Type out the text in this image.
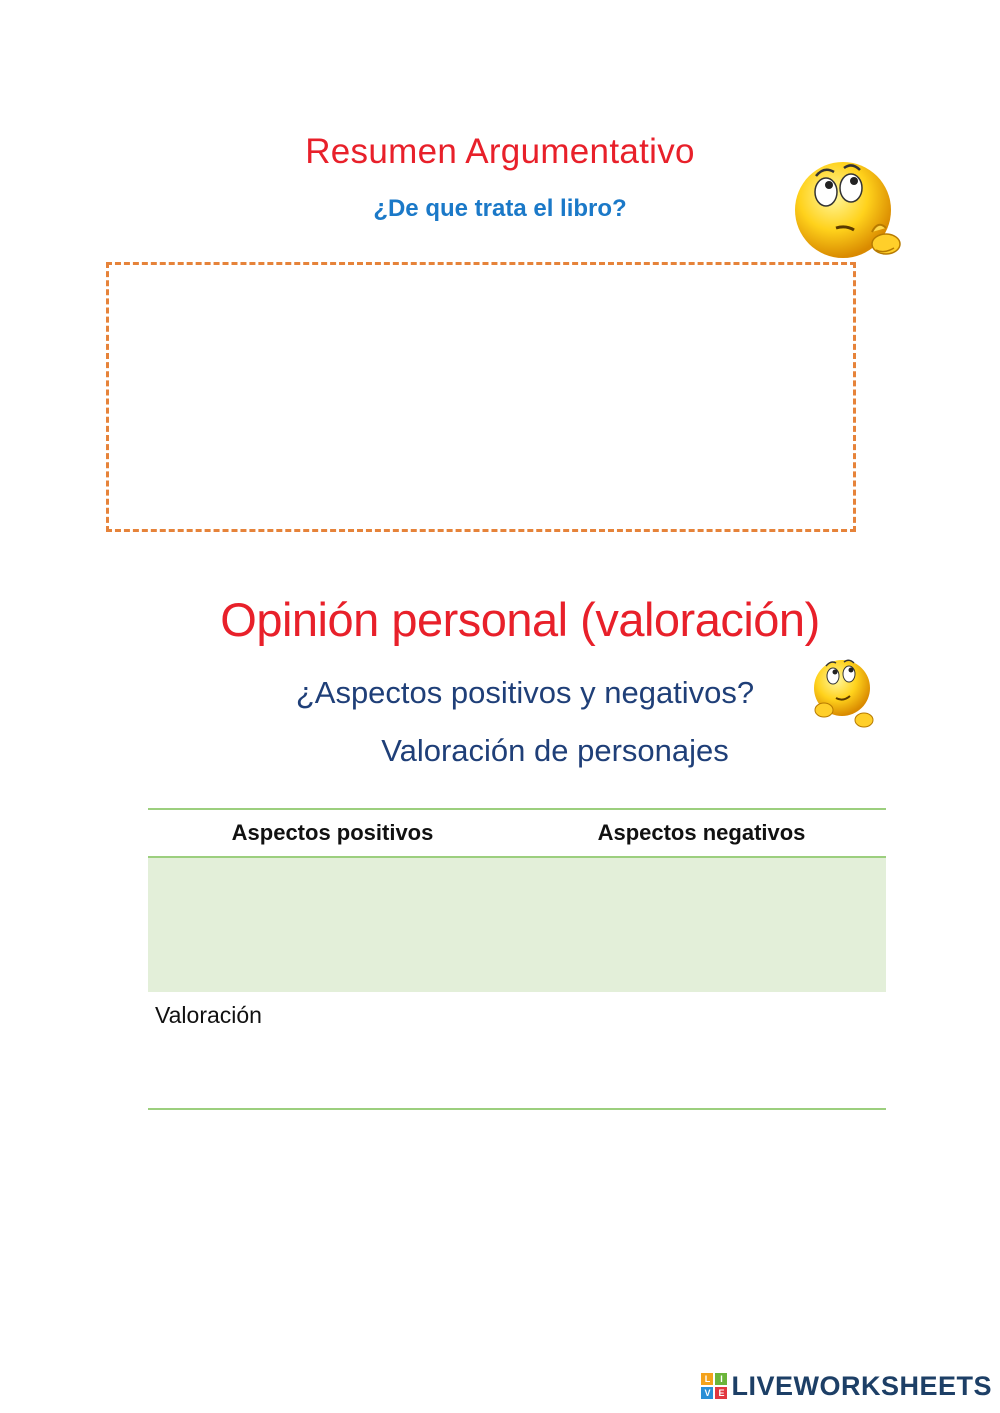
Resumen Argumentativo
¿De que trata el libro?
Opinión personal (valoración)
¿Aspectos positivos y negativos?
Valoración de personajes
Aspectos positivos	Aspectos negativos
Valoración
L	I
V E LIVEWORKSHEETS
